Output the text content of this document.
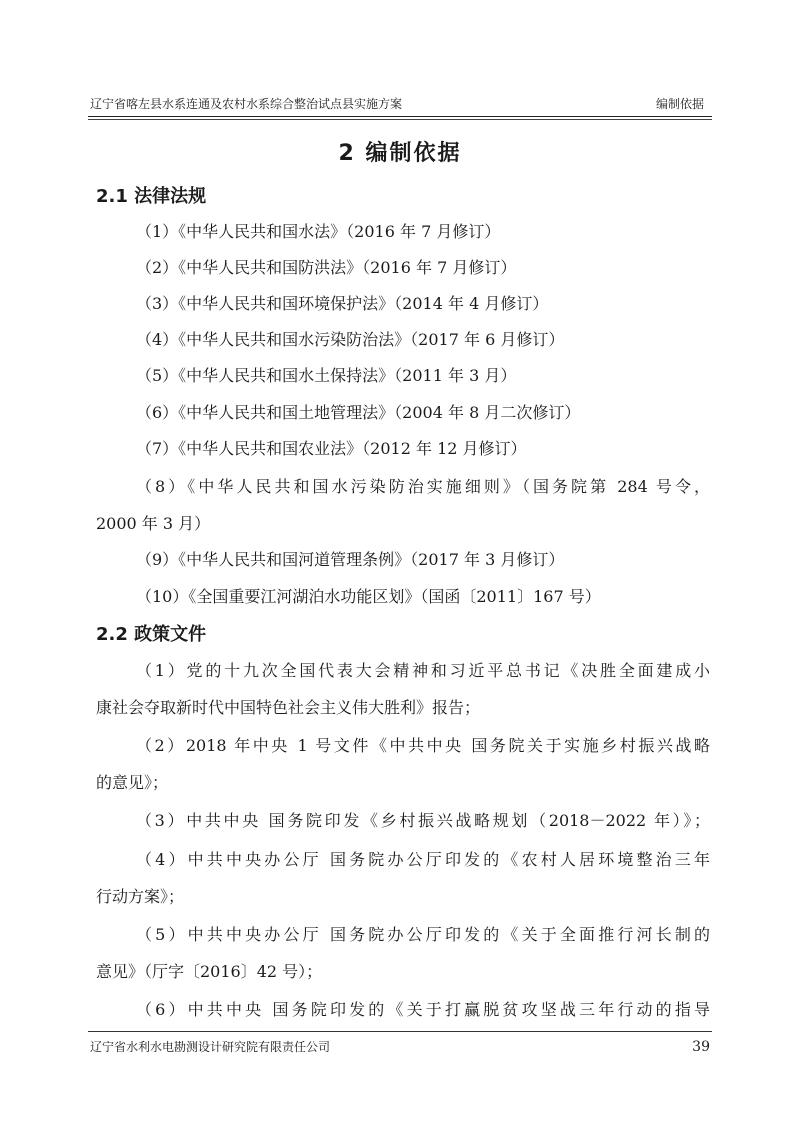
辽宁省喀左县水系连通及农村水系综合整治试点县实施方案	编制依据
2 编制依据
2.1 法律法规
（1）《中华人民共和国水法》（2016 年 7 月修订）
（2）《中华人民共和国防洪法》（2016 年 7 月修订）
（3）《中华人民共和国环境保护法》（2014 年 4 月修订）
（4）《中华人民共和国水污染防治法》（2017 年 6 月修订）
（5）《中华人民共和国水土保持法》（2011 年 3 月）
（6）《中华人民共和国土地管理法》（2004 年 8 月二次修订）
（7）《中华人民共和国农业法》（2012 年 12 月修订）
（8）《中华人民共和国水污染防治实施细则》（国务院第 284 号令，
2000 年 3 月）
（9）《中华人民共和国河道管理条例》（2017 年 3 月修订）
（10）《全国重要江河湖泊水功能区划》（国函〔2011〕167 号）
2.2 政策文件
（1）党的十九次全国代表大会精神和习近平总书记《决胜全面建成小
康社会夺取新时代中国特色社会主义伟大胜利》报告；
（2）2018 年中央 1 号文件《中共中央 国务院关于实施乡村振兴战略
的意见》；
（3）中共中央 国务院印发《乡村振兴战略规划（2018－2022 年）》；
（4）中共中央办公厅 国务院办公厅印发的《农村人居环境整治三年
行动方案》；
（5）中共中央办公厅 国务院办公厅印发的《关于全面推行河长制的
意见》（厅字〔2016〕42 号）；
（6）中共中央 国务院印发的《关于打赢脱贫攻坚战三年行动的指导
辽宁省水利水电勘测设计研究院有限责任公司	39
